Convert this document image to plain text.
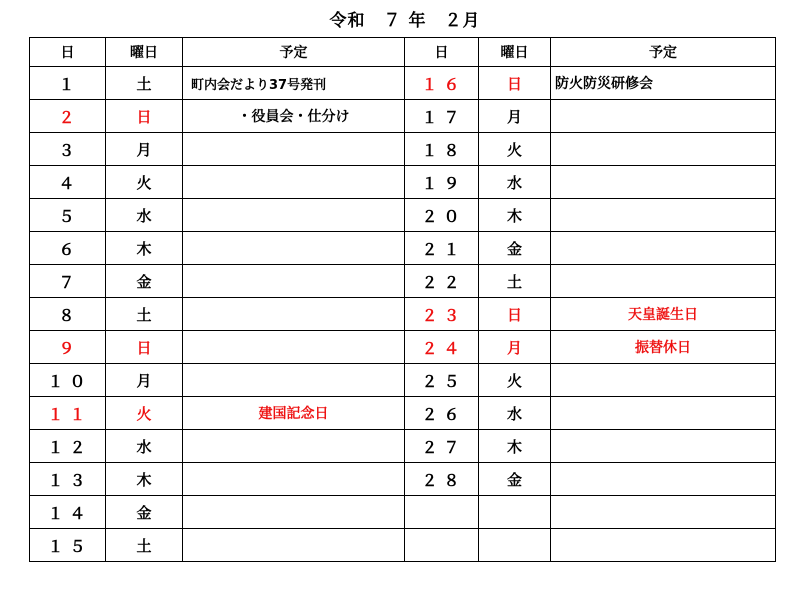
令和　７ 年　２月
日	曜日	予定	日	曜日	予定
１	土	町内会だより37号発刊	１６	日	防火防災研修会
２	日	・役員会・仕分け	１７	月	
３	月		１８	火	
４	火		１９	水	
５	水		２０	木	
６	木		２１	金	
７	金		２２	土	
８	土		２３	日	天皇誕生日
９	日		２４	月	振替休日
１０	月		２５	火	
１１	火	建国記念日	２６	水	
１２	水		２７	木	
１３	木		２８	金	
１４	金				
１５	土				
